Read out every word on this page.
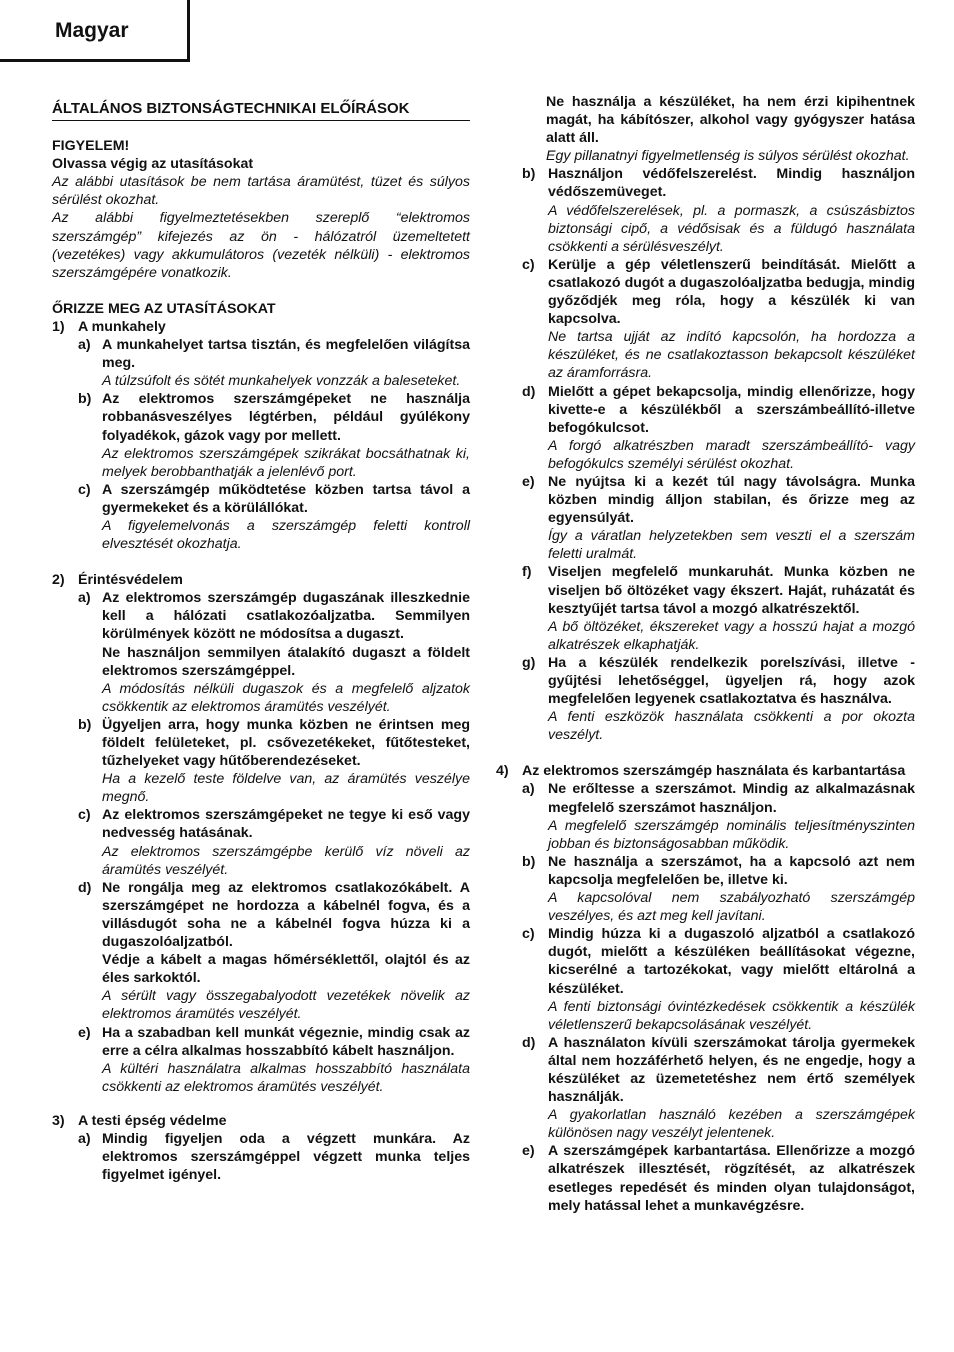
Magyar
ÁLTALÁNOS BIZTONSÁGTECHNIKAI ELŐÍRÁSOK
FIGYELEM!
Olvassa végig az utasításokat
Az alábbi utasítások be nem tartása áramütést, tüzet és súlyos sérülést okozhat.
Az alábbi figyelmeztetésekben szereplő “elektromos szerszámgép” kifejezés az ön - hálózatról üzemeltetett (vezetékes) vagy akkumulátoros (vezeték nélküli) - elektromos szerszámgépére vonatkozik.
ŐRIZZE MEG AZ UTASÍTÁSOKAT
1) A munkahely
a) A munkahelyet tartsa tisztán, és megfelelően világítsa meg.
A túlzsúfolt és sötét munkahelyek vonzzák a baleseteket.
b) Az elektromos szerszámgépeket ne használja robbanásveszélyes légtérben, például gyúlékony folyadékok, gázok vagy por mellett.
Az elektromos szerszámgépek szikrákat bocsáthatnak ki, melyek berobbanthatják a jelenlévő port.
c) A szerszámgép működtetése közben tartsa távol a gyermekeket és a körülállókat.
A figyelemelvonás a szerszámgép feletti kontroll elvesztését okozhatja.
2) Érintésvédelem
a) Az elektromos szerszámgép dugaszának illeszkednie kell a hálózati csatlakozóaljzatba. Semmilyen körülmények között ne módosítsa a dugaszt.
Ne használjon semmilyen átalakító dugaszt a földelt elektromos szerszámgéppel.
A módosítás nélküli dugaszok és a megfelelő aljzatok csökkentik az elektromos áramütés veszélyét.
b) Ügyeljen arra, hogy munka közben ne érintsen meg földelt felületeket, pl. csővezetékeket, fűtőtesteket, tűzhelyeket vagy hűtőberendezéseket.
Ha a kezelő teste földelve van, az áramütés veszélye megnő.
c) Az elektromos szerszámgépeket ne tegye ki eső vagy nedvesség hatásának.
Az elektromos szerszámgépbe kerülő víz növeli az áramütés veszélyét.
d) Ne rongálja meg az elektromos csatlakozókábelt. A szerszámgépet ne hordozza a kábelnél fogva, és a villásdugót soha ne a kábelnél fogva húzza ki a dugaszolóaljzatból.
Védje a kábelt a magas hőmérséklettől, olajtól és az éles sarkoktól.
A sérült vagy összegabalyodott vezetékek növelik az elektromos áramütés veszélyét.
e) Ha a szabadban kell munkát végeznie, mindig csak az erre a célra alkalmas hosszabbító kábelt használjon.
A kültéri használatra alkalmas hosszabbító használata csökkenti az elektromos áramütés veszélyét.
3) A testi épség védelme
a) Mindig figyeljen oda a végzett munkára. Az elektromos szerszámgéppel végzett munka teljes figyelmet igényel.
Ne használja a készüléket, ha nem érzi kipihentnek magát, ha kábítószer, alkohol vagy gyógyszer hatása alatt áll.
Egy pillanatnyi figyelmetlenség is súlyos sérülést okozhat.
b) Használjon védőfelszerelést. Mindig használjon védőszemüveget.
A védőfelszerelések, pl. a pormaszk, a csúszásbiztos biztonsági cipő, a védősisak és a füldugó használata csökkenti a sérülésveszélyt.
c) Kerülje a gép véletlenszerű beindítását. Mielőtt a csatlakozó dugót a dugaszolóaljzatba bedugja, mindig győződjék meg róla, hogy a készülék ki van kapcsolva.
Ne tartsa ujját az indító kapcsolón, ha hordozza a készüléket, és ne csatlakoztasson bekapcsolt készüléket az áramforrásra.
d) Mielőtt a gépet bekapcsolja, mindig ellenőrizze, hogy kivette-e a készülékből a szerszámbeállító-illetve befogókulcsot.
A forgó alkatrészben maradt szerszámbeállító- vagy befogókulcs személyi sérülést okozhat.
e) Ne nyújtsa ki a kezét túl nagy távolságra. Munka közben mindig álljon stabilan, és őrizze meg az egyensúlyát.
Így a váratlan helyzetekben sem veszti el a szerszám feletti uralmát.
f)	Viseljen megfelelő munkaruhát. Munka közben ne viseljen bő öltözéket vagy ékszert. Haját, ruházatát és kesztyűjét tartsa távol a mozgó alkatrészektől.
A bő öltözéket, ékszereket vagy a hosszú hajat a mozgó alkatrészek elkaphatják.
g) Ha a készülék rendelkezik porelszívási, illetve -gyűjtési lehetőséggel, ügyeljen rá, hogy azok megfelelően legyenek csatlakoztatva és használva.
A fenti eszközök használata csökkenti a por okozta veszélyt.
4) Az elektromos szerszámgép használata és karbantartása
a) Ne erőltesse a szerszámot. Mindig az alkalmazásnak megfelelő szerszámot használjon.
A megfelelő szerszámgép nominális teljesítményszinten jobban és biztonságosabban működik.
b) Ne használja a szerszámot, ha a kapcsoló azt nem kapcsolja megfelelően be, illetve ki.
A kapcsolóval nem szabályozható szerszámgép veszélyes, és azt meg kell javítani.
c) Mindig húzza ki a dugaszoló aljzatból a csatlakozó dugót, mielőtt a készüléken beállításokat végezne, kicserélné a tartozékokat, vagy mielőtt eltárolná a készüléket.
A fenti biztonsági óvintézkedések csökkentik a készülék véletlenszerű bekapcsolásának veszélyét.
d) A használaton kívüli szerszámokat tárolja gyermekek által nem hozzáférhető helyen, és ne engedje, hogy a készüléket az üzemetetéshez nem értő személyek használják.
A gyakorlatlan használó kezében a szerszámgépek különösen nagy veszélyt jelentenek.
e) A szerszámgépek karbantartása. Ellenőrizze a mozgó alkatrészek illesztését, rögzítését, az alkatrészek esetleges repedését és minden olyan tulajdonságot, mely hatással lehet a munkavégzésre.
